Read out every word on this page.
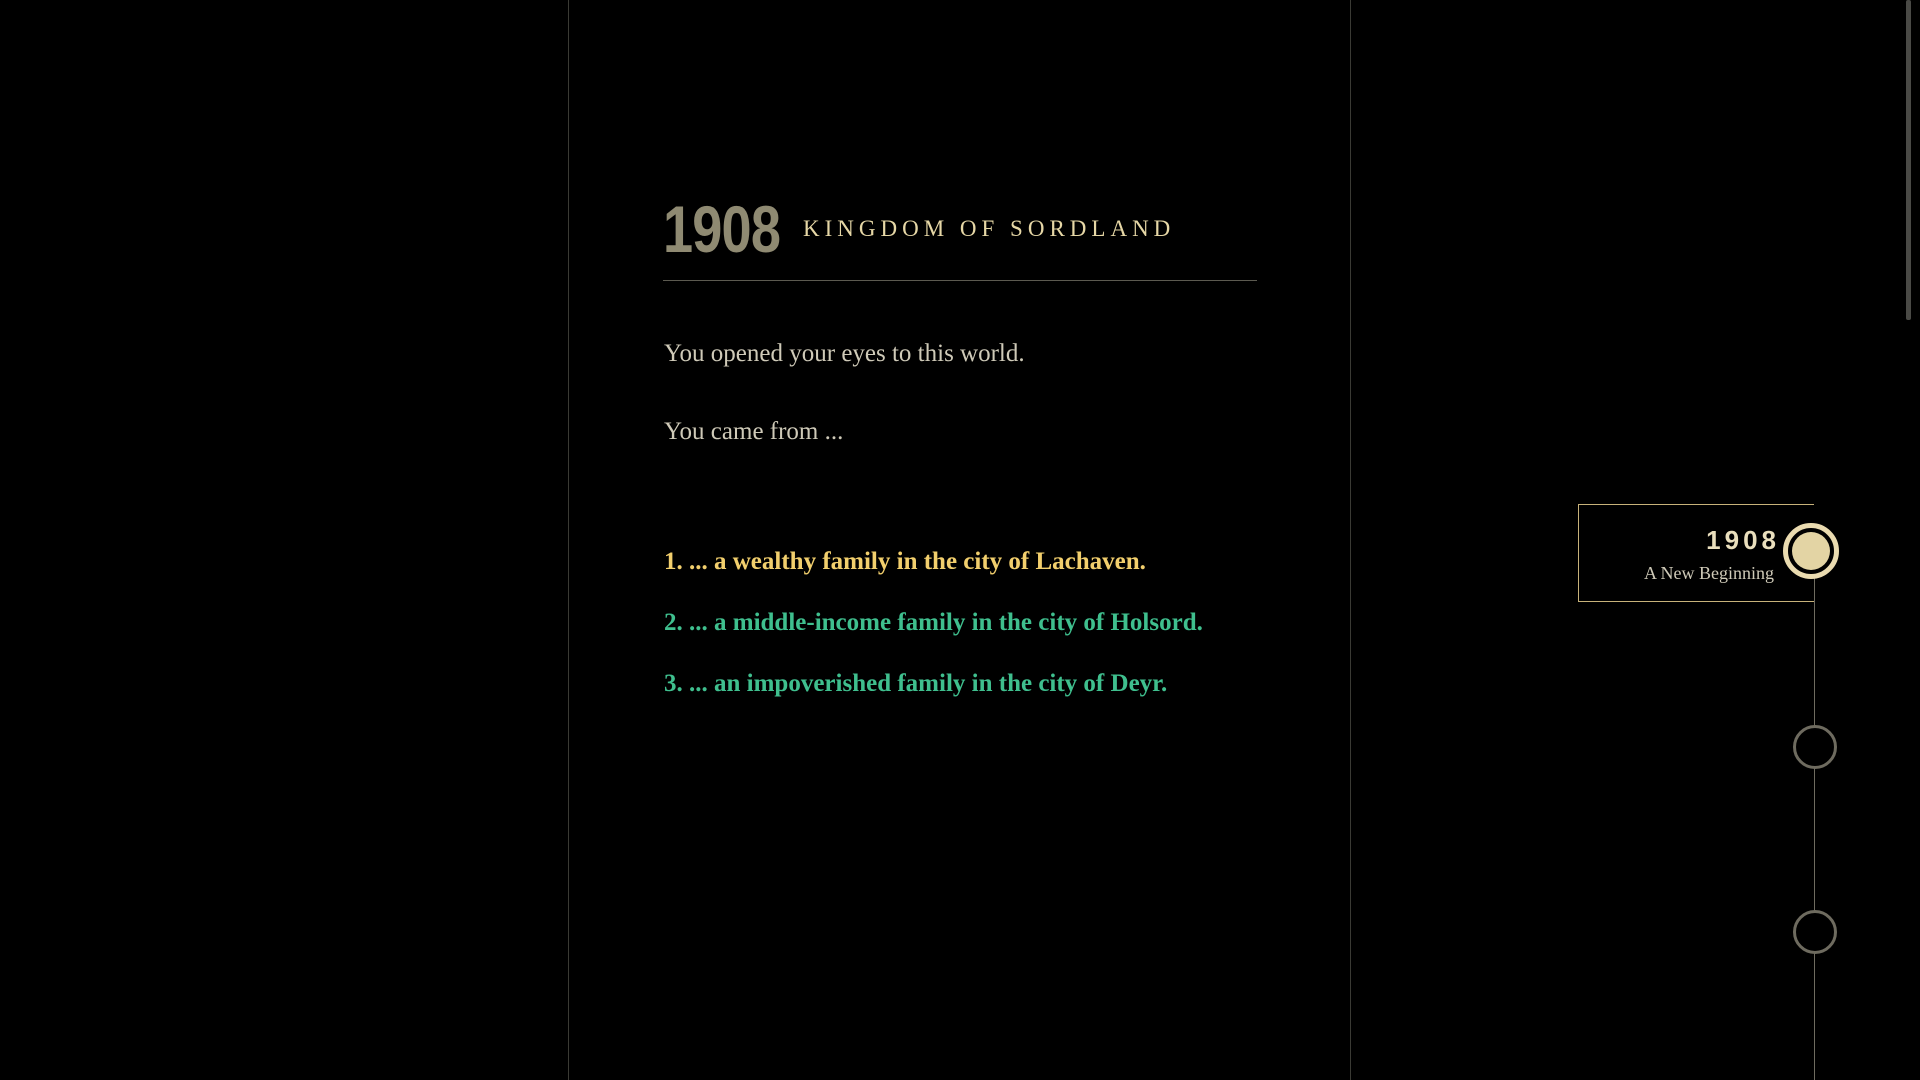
1908 KINGDOM OF SORDLAND
You opened your eyes to this world.
You came from ...
1. ... a wealthy family in the city of Lachaven.
2. ... a middle-income family in the city of Holsord.
3. ... an impoverished family in the city of Deyr.
1908
A New Beginning
